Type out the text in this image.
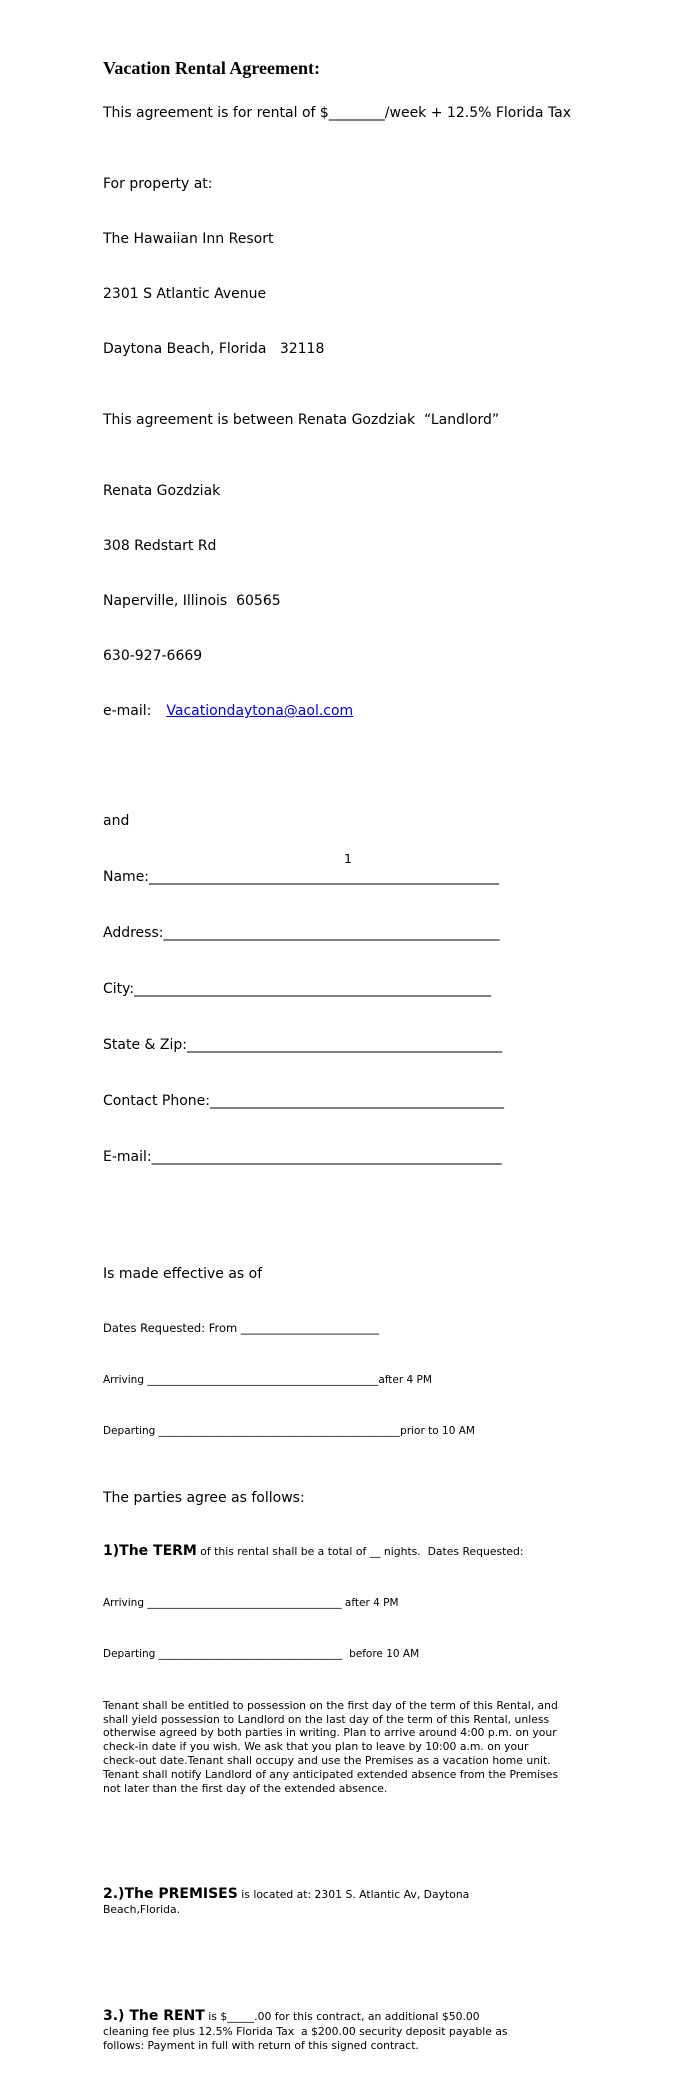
Vacation Rental Agreement:

This agreement is for rental of $________/week + 12.5% Florida Tax

For property at:

The Hawaiian Inn Resort

2301 S Atlantic Avenue

Daytona Beach, Florida   32118

This agreement is between Renata Gozdziak  “Landlord”

Renata Gozdziak

308 Redstart Rd

Naperville, Illinois  60565

630-927-6669

e-mail: Vacationdaytona@aol.com

and

Name:__________________________________________________

Address:________________________________________________

City:___________________________________________________

State & Zip:_____________________________________________

Contact Phone:__________________________________________

E-mail:__________________________________________________

Is made effective as of

Dates Requested: From ________________________

Arriving ____________________________________________after 4 PM

Departing ______________________________________________prior to 10 AM

The parties agree as follows:

1)The TERM of this rental shall be a total of __ nights.  Dates Requested:

Arriving _____________________________________ after 4 PM

Departing ___________________________________  before 10 AM

Tenant shall be entitled to possession on the first day of the term of this Rental, and
shall yield possession to Landlord on the last day of the term of this Rental, unless
otherwise agreed by both parties in writing. Plan to arrive around 4:00 p.m. on your
check-in date if you wish. We ask that you plan to leave by 10:00 a.m. on your
check-out date.Tenant shall occupy and use the Premises as a vacation home unit.
Tenant shall notify Landlord of any anticipated extended absence from the Premises
not later than the first day of the extended absence.

2.)The PREMISES is located at: 2301 S. Atlantic Av, Daytona
Beach,Florida.

3.) The RENT is $_____.00 for this contract, an additional $50.00
cleaning fee plus 12.5% Florida Tax  a $200.00 security deposit payable as
follows: Payment in full with return of this signed contract.

1
